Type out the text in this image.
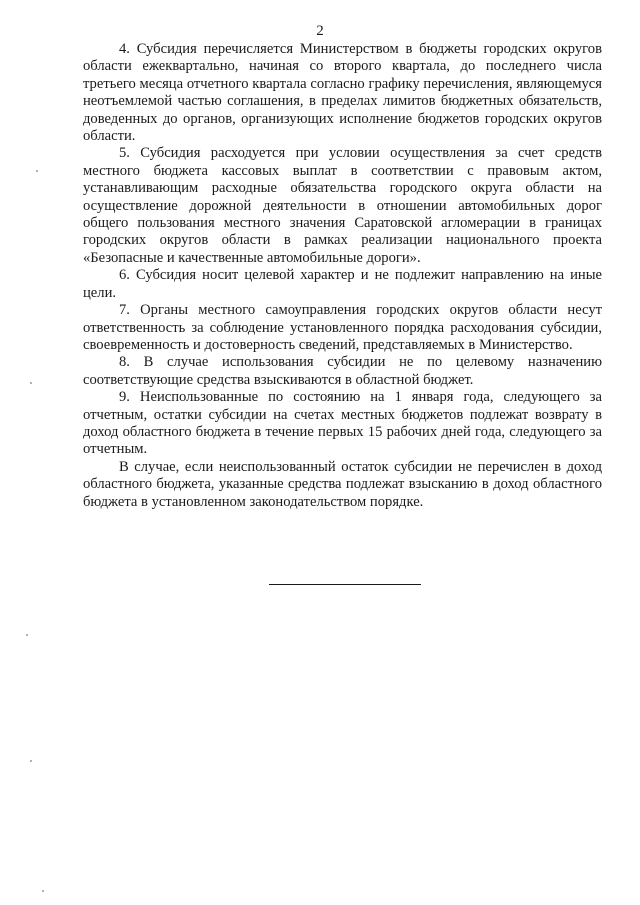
2

4. Субсидия перечисляется Министерством в бюджеты городских округов области ежеквартально, начиная со второго квартала, до последнего числа третьего месяца отчетного квартала согласно графику перечисления, являющемуся неотъемлемой частью соглашения, в пределах лимитов бюджетных обязательств, доведенных до органов, организующих исполнение бюджетов городских округов области.

5. Субсидия расходуется при условии осуществления за счет средств местного бюджета кассовых выплат в соответствии с правовым актом, устанавливающим расходные обязательства городского округа области на осуществление дорожной деятельности в отношении автомобильных дорог общего пользования местного значения Саратовской агломерации в границах городских округов области в рамках реализации национального проекта «Безопасные и качественные автомобильные дороги».

6. Субсидия носит целевой характер и не подлежит направлению на иные цели.

7. Органы местного самоуправления городских округов области несут ответственность за соблюдение установленного порядка расходования субсидии, своевременность и достоверность сведений, представляемых в Министерство.

8. В случае использования субсидии не по целевому назначению соответствующие средства взыскиваются в областной бюджет.

9. Неиспользованные по состоянию на 1 января года, следующего за отчетным, остатки субсидии на счетах местных бюджетов подлежат возврату в доход областного бюджета в течение первых 15 рабочих дней года, следующего за отчетным.

В случае, если неиспользованный остаток субсидии не перечислен в доход областного бюджета, указанные средства подлежат взысканию в доход областного бюджета в установленном законодательством порядке.
